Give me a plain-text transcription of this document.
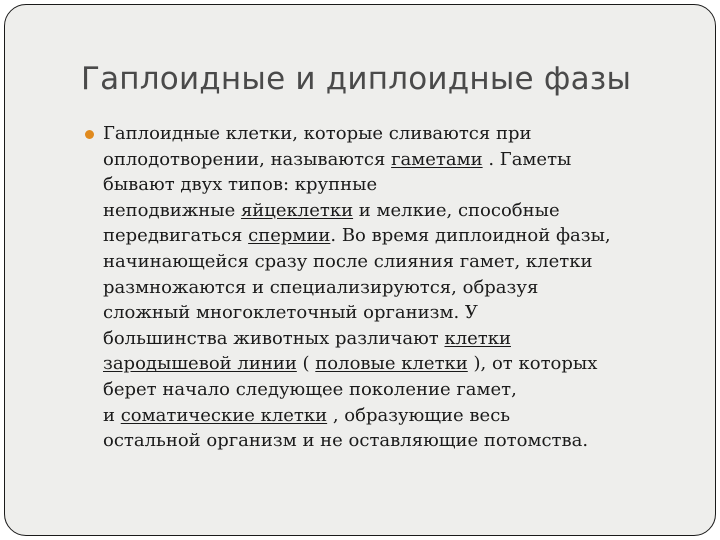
Гаплоидные и диплоидные фазы
Гаплоидные клетки, которые сливаются при
оплодотворении, называются гаметами . Гаметы
бывают двух типов: крупные
неподвижные яйцеклетки и мелкие, способные
передвигаться спермии. Во время диплоидной фазы,
начинающейся сразу после слияния гамет, клетки
размножаются и специализируются, образуя
сложный многоклеточный организм. У
большинства животных различают клетки
зародышевой линии ( половые клетки ), от которых
берет начало следующее поколение гамет,
и соматические клетки , образующие весь
остальной организм и не оставляющие потомства.
